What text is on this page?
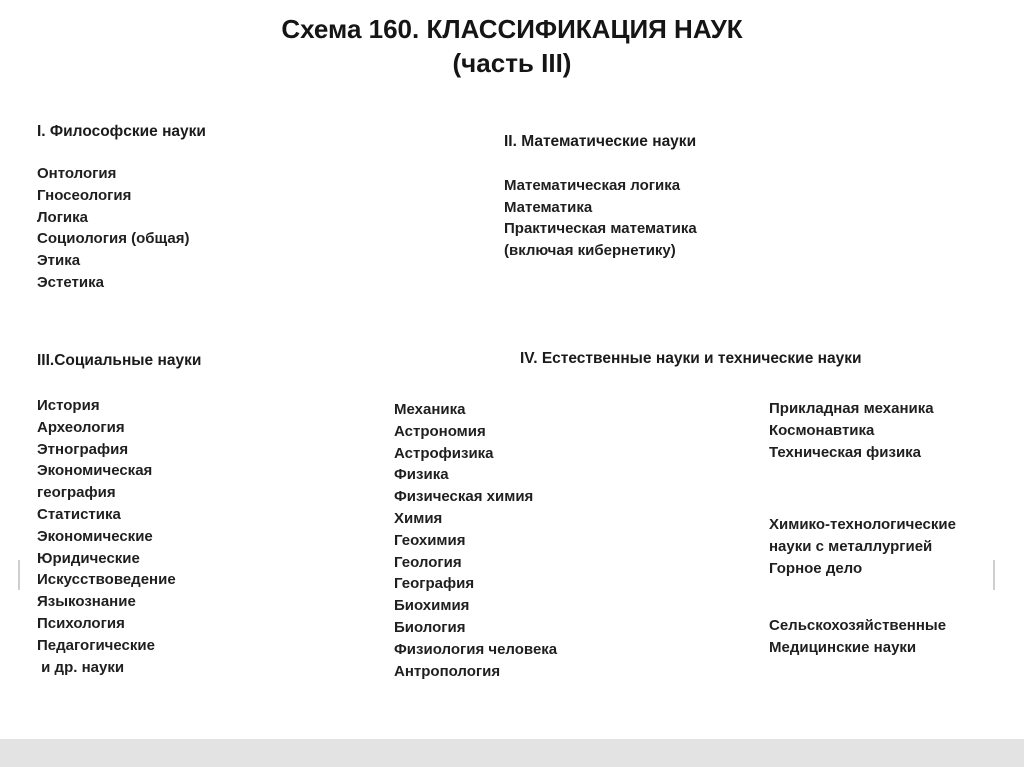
Схема 160. КЛАССИФИКАЦИЯ НАУК
(часть III)
I. Философские науки
Онтология
Гносеология
Логика
Социология (общая)
Этика
Эстетика
II. Математические науки
Математическая логика
Математика
Практическая математика
(включая кибернетику)
III.Социальные науки
История
Археология
Этнография
Экономическая
география
Статистика
Экономические
Юридические
Искусствоведение
Языкознание
Психология
Педагогические
и др. науки
IV. Естественные науки и технические науки
Механика
Астрономия
Астрофизика
Физика
Физическая химия
Химия
Геохимия
Геология
География
Биохимия
Биология
Физиология человека
Антропология
Прикладная механика
Космонавтика
Техническая физика
Химико-технологические
науки с металлургией
Горное дело
Сельскохозяйственные
Медицинские науки
